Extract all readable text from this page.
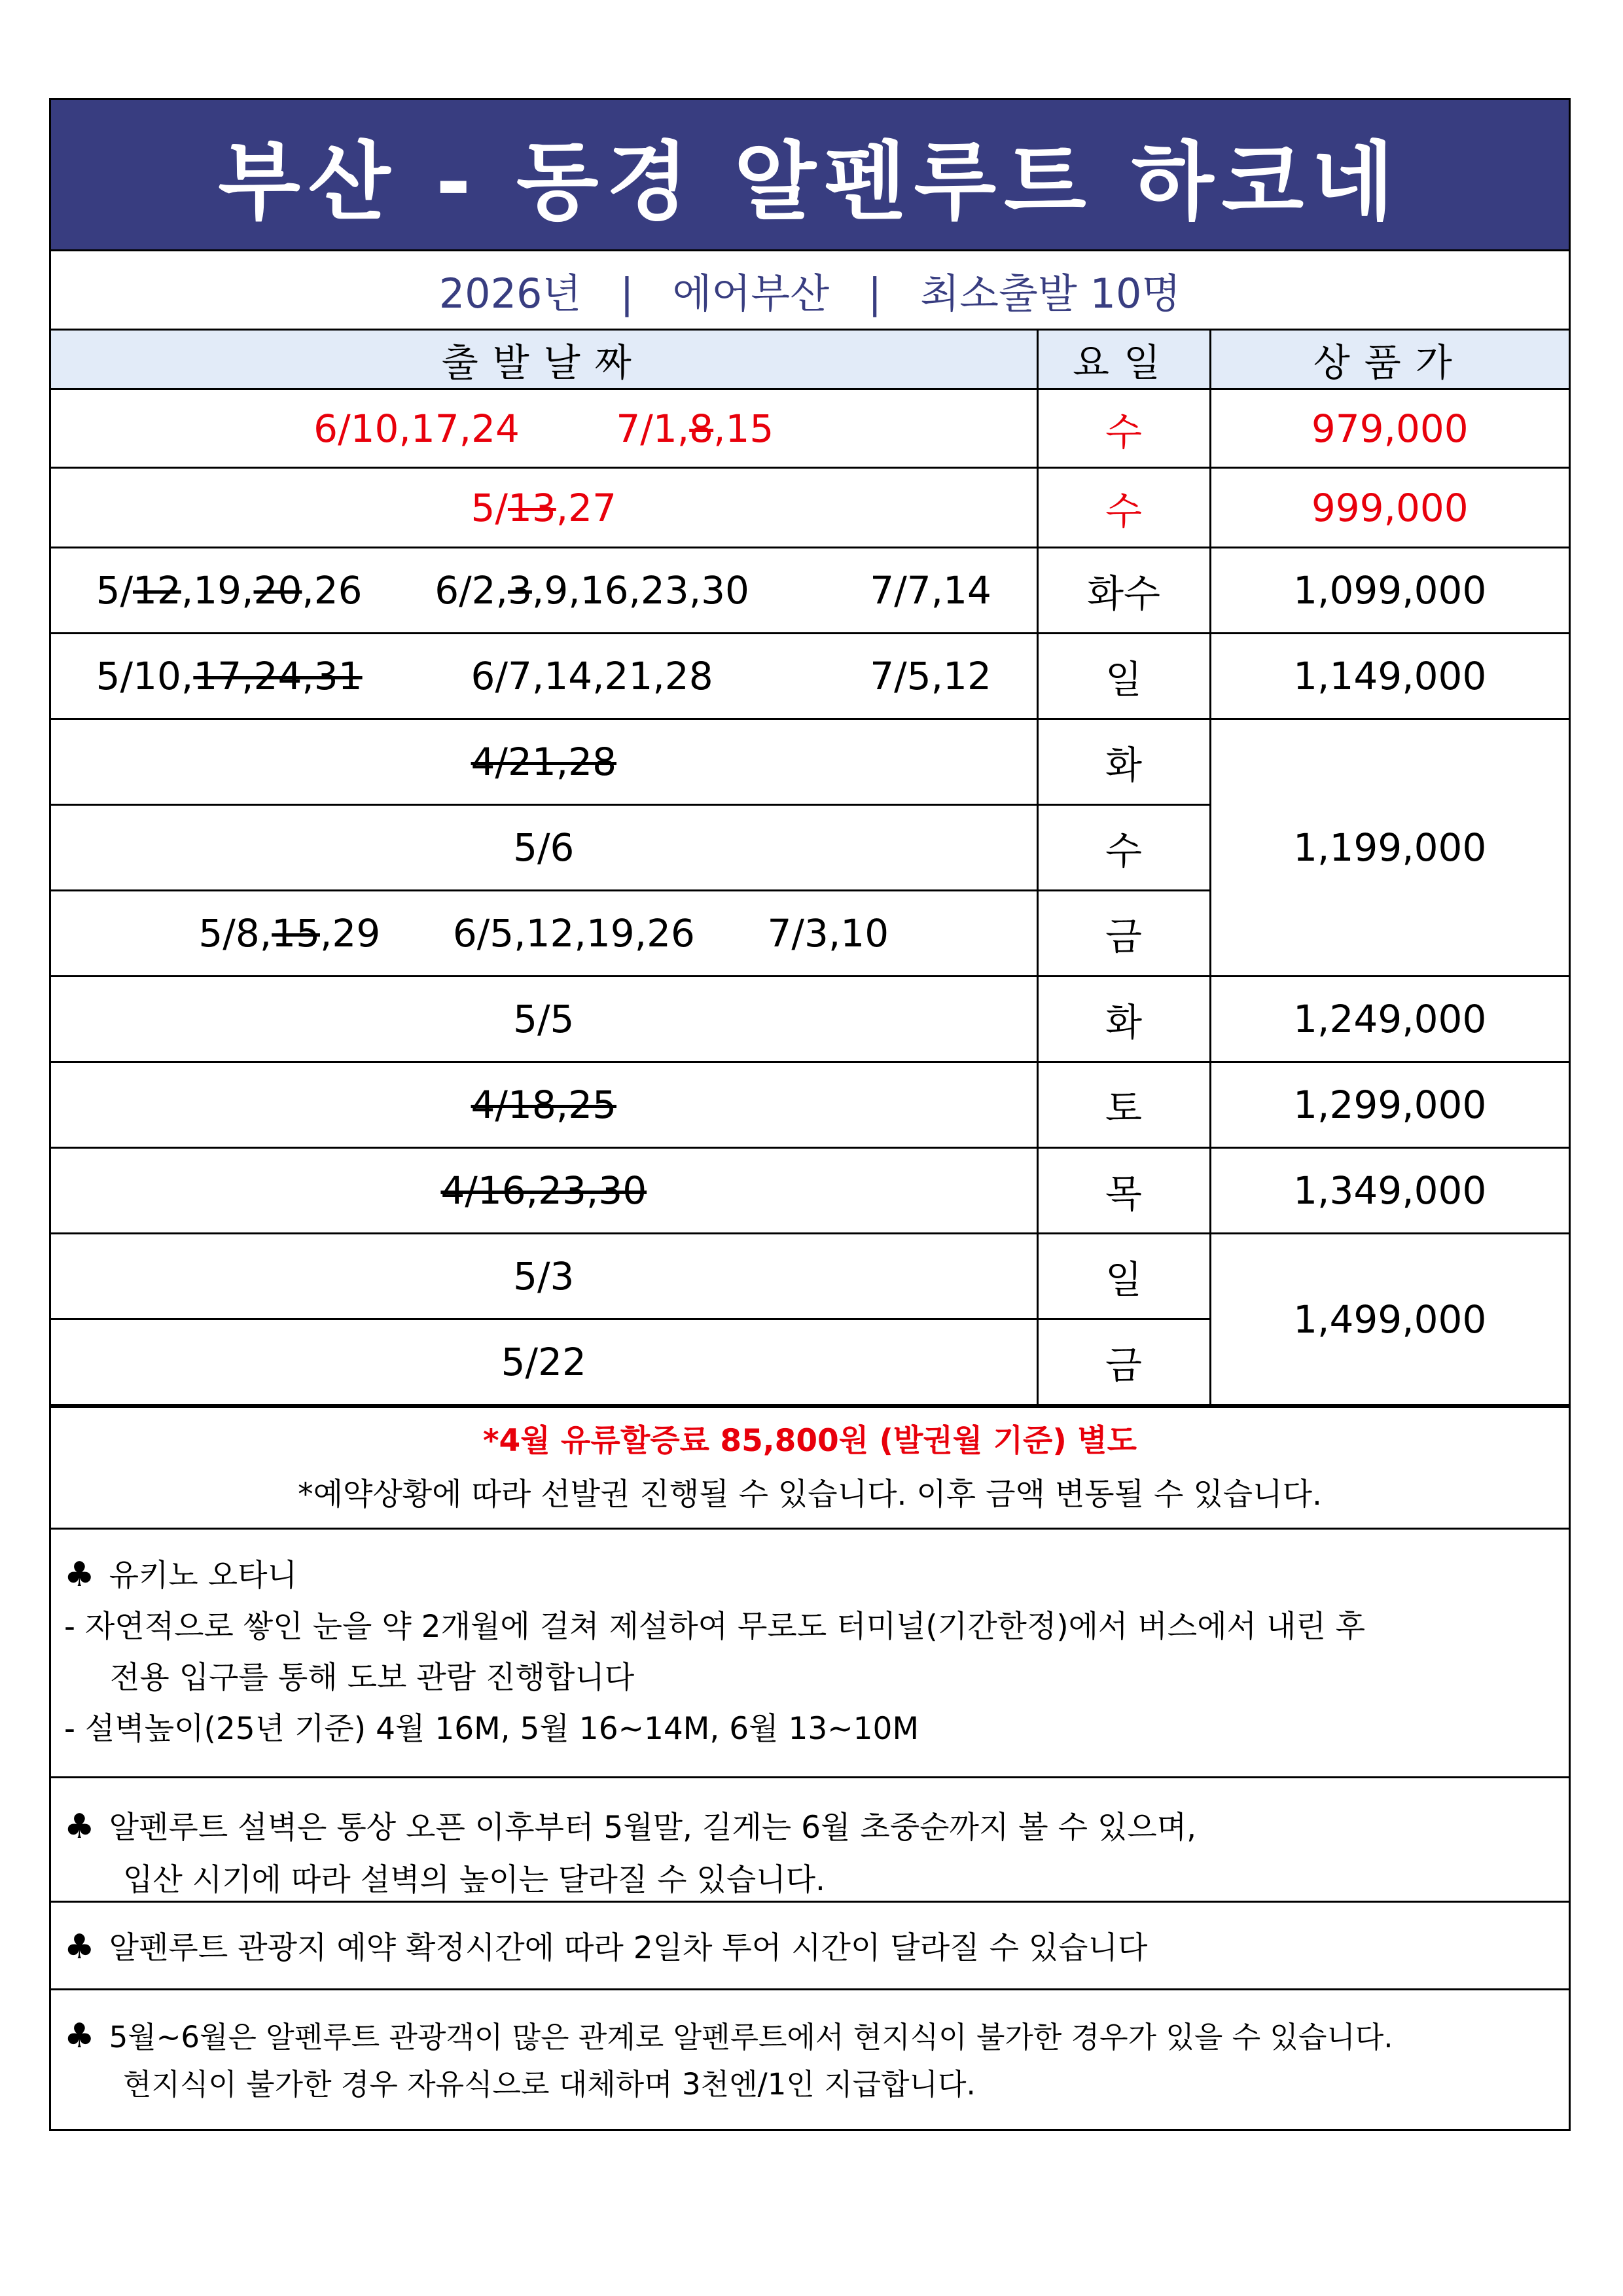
부산 - 동경 알펜루트 하코네
2026년   |   에어부산   |   최소출발 10명
출발날짜	요일	상품가
6/10,17,24        7/1,8,15	수	979,000
5/13,27	수	999,000
5/12,19,20,26      6/2,3,9,16,23,30          7/7,14	화수	1,099,000
5/10,17,24,31         6/7,14,21,28             7/5,12	일	1,149,000
4/21,28	화	1,199,000
5/6	수	
5/8,15,29      6/5,12,19,26      7/3,10	금	
5/5	화	1,249,000
4/18,25	토	1,299,000
4/16,23,30	목	1,349,000
5/3	일	1,499,000
5/22	금	
*4월 유류할증료 85,800원 (발권월 기준) 별도
*예약상황에 따라 선발권 진행될 수 있습니다. 이후 금액 변동될 수 있습니다.
♣ 유키노 오타니
- 자연적으로 쌓인 눈을 약 2개월에 걸쳐 제설하여 무로도 터미널(기간한정)에서 버스에서 내린 후
전용 입구를 통해 도보 관람 진행합니다
- 설벽높이(25년 기준) 4월 16M, 5월 16~14M, 6월 13~10M
♣ 알펜루트 설벽은 통상 오픈 이후부터 5월말, 길게는 6월 초중순까지 볼 수 있으며,
입산 시기에 따라 설벽의 높이는 달라질 수 있습니다.
♣ 알펜루트 관광지 예약 확정시간에 따라 2일차 투어 시간이 달라질 수 있습니다
♣ 5월~6월은 알펜루트 관광객이 많은 관계로 알펜루트에서 현지식이 불가한 경우가 있을 수 있습니다.
현지식이 불가한 경우 자유식으로 대체하며 3천엔/1인 지급합니다.
